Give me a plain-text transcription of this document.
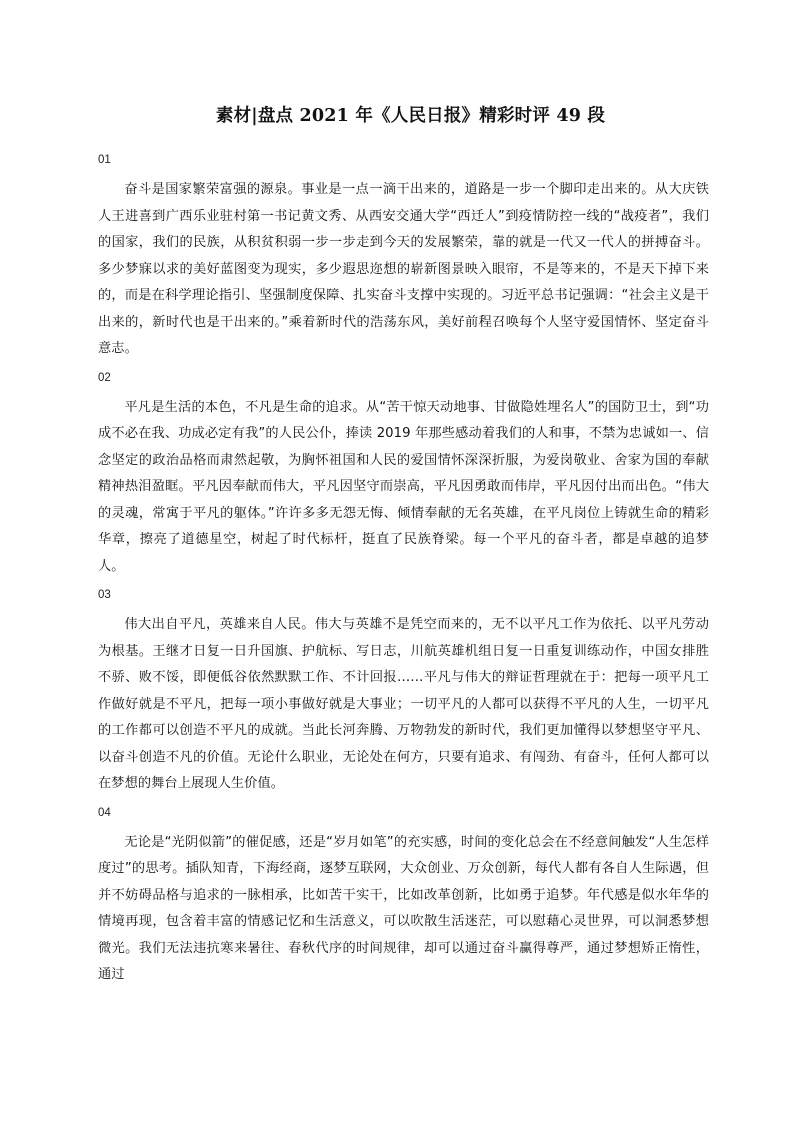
素材|盘点 2021 年《人民日报》精彩时评 49 段
01

奋斗是国家繁荣富强的源泉。事业是一点一滴干出来的，道路是一步一个脚印走出来的。从大庆铁人王进喜到广西乐业驻村第一书记黄文秀、从西安交通大学“西迁人”到疫情防控一线的“战疫者”，我们的国家，我们的民族，从积贫积弱一步一步走到今天的发展繁荣，靠的就是一代又一代人的拼搏奋斗。多少梦寐以求的美好蓝图变为现实，多少遐思迩想的崭新图景映入眼帘，不是等来的，不是天下掉下来的，而是在科学理论指引、坚强制度保障、扎实奋斗支撑中实现的。习近平总书记强调：“社会主义是干出来的，新时代也是干出来的。”乘着新时代的浩荡东风，美好前程召唤每个人坚守爱国情怀、坚定奋斗意志。

02

平凡是生活的本色，不凡是生命的追求。从“苦干惊天动地事、甘做隐姓埋名人”的国防卫士，到“功成不必在我、功成必定有我”的人民公仆，捧读 2019 年那些感动着我们的人和事，不禁为忠诚如一、信念坚定的政治品格而肃然起敬，为胸怀祖国和人民的爱国情怀深深折服，为爱岗敬业、舍家为国的奉献精神热泪盈眶。平凡因奉献而伟大，平凡因坚守而崇高，平凡因勇敢而伟岸，平凡因付出而出色。“伟大的灵魂，常寓于平凡的躯体。”许许多多无怨无悔、倾情奉献的无名英雄，在平凡岗位上铸就生命的精彩华章，擦亮了道德星空，树起了时代标杆，挺直了民族脊梁。每一个平凡的奋斗者，都是卓越的追梦人。

03

伟大出自平凡，英雄来自人民。伟大与英雄不是凭空而来的，无不以平凡工作为依托、以平凡劳动为根基。王继才日复一日升国旗、护航标、写日志，川航英雄机组日复一日重复训练动作，中国女排胜不骄、败不馁，即便低谷依然默默工作、不计回报……平凡与伟大的辩证哲理就在于：把每一项平凡工作做好就是不平凡，把每一项小事做好就是大事业；一切平凡的人都可以获得不平凡的人生，一切平凡的工作都可以创造不平凡的成就。当此长河奔腾、万物勃发的新时代，我们更加懂得以梦想坚守平凡、以奋斗创造不凡的价值。无论什么职业，无论处在何方，只要有追求、有闯劲、有奋斗，任何人都可以在梦想的舞台上展现人生价值。

04

无论是“光阴似箭”的催促感，还是“岁月如笔”的充实感，时间的变化总会在不经意间触发“人生怎样度过”的思考。插队知青，下海经商，逐梦互联网，大众创业、万众创新，每代人都有各自人生际遇，但并不妨碍品格与追求的一脉相承，比如苦干实干，比如改革创新，比如勇于追梦。年代感是似水年华的情境再现，包含着丰富的情感记忆和生活意义，可以吹散生活迷茫，可以慰藉心灵世界，可以洞悉梦想微光。我们无法违抗寒来暑往、春秋代序的时间规律，却可以通过奋斗赢得尊严，通过梦想矫正惰性，通过
